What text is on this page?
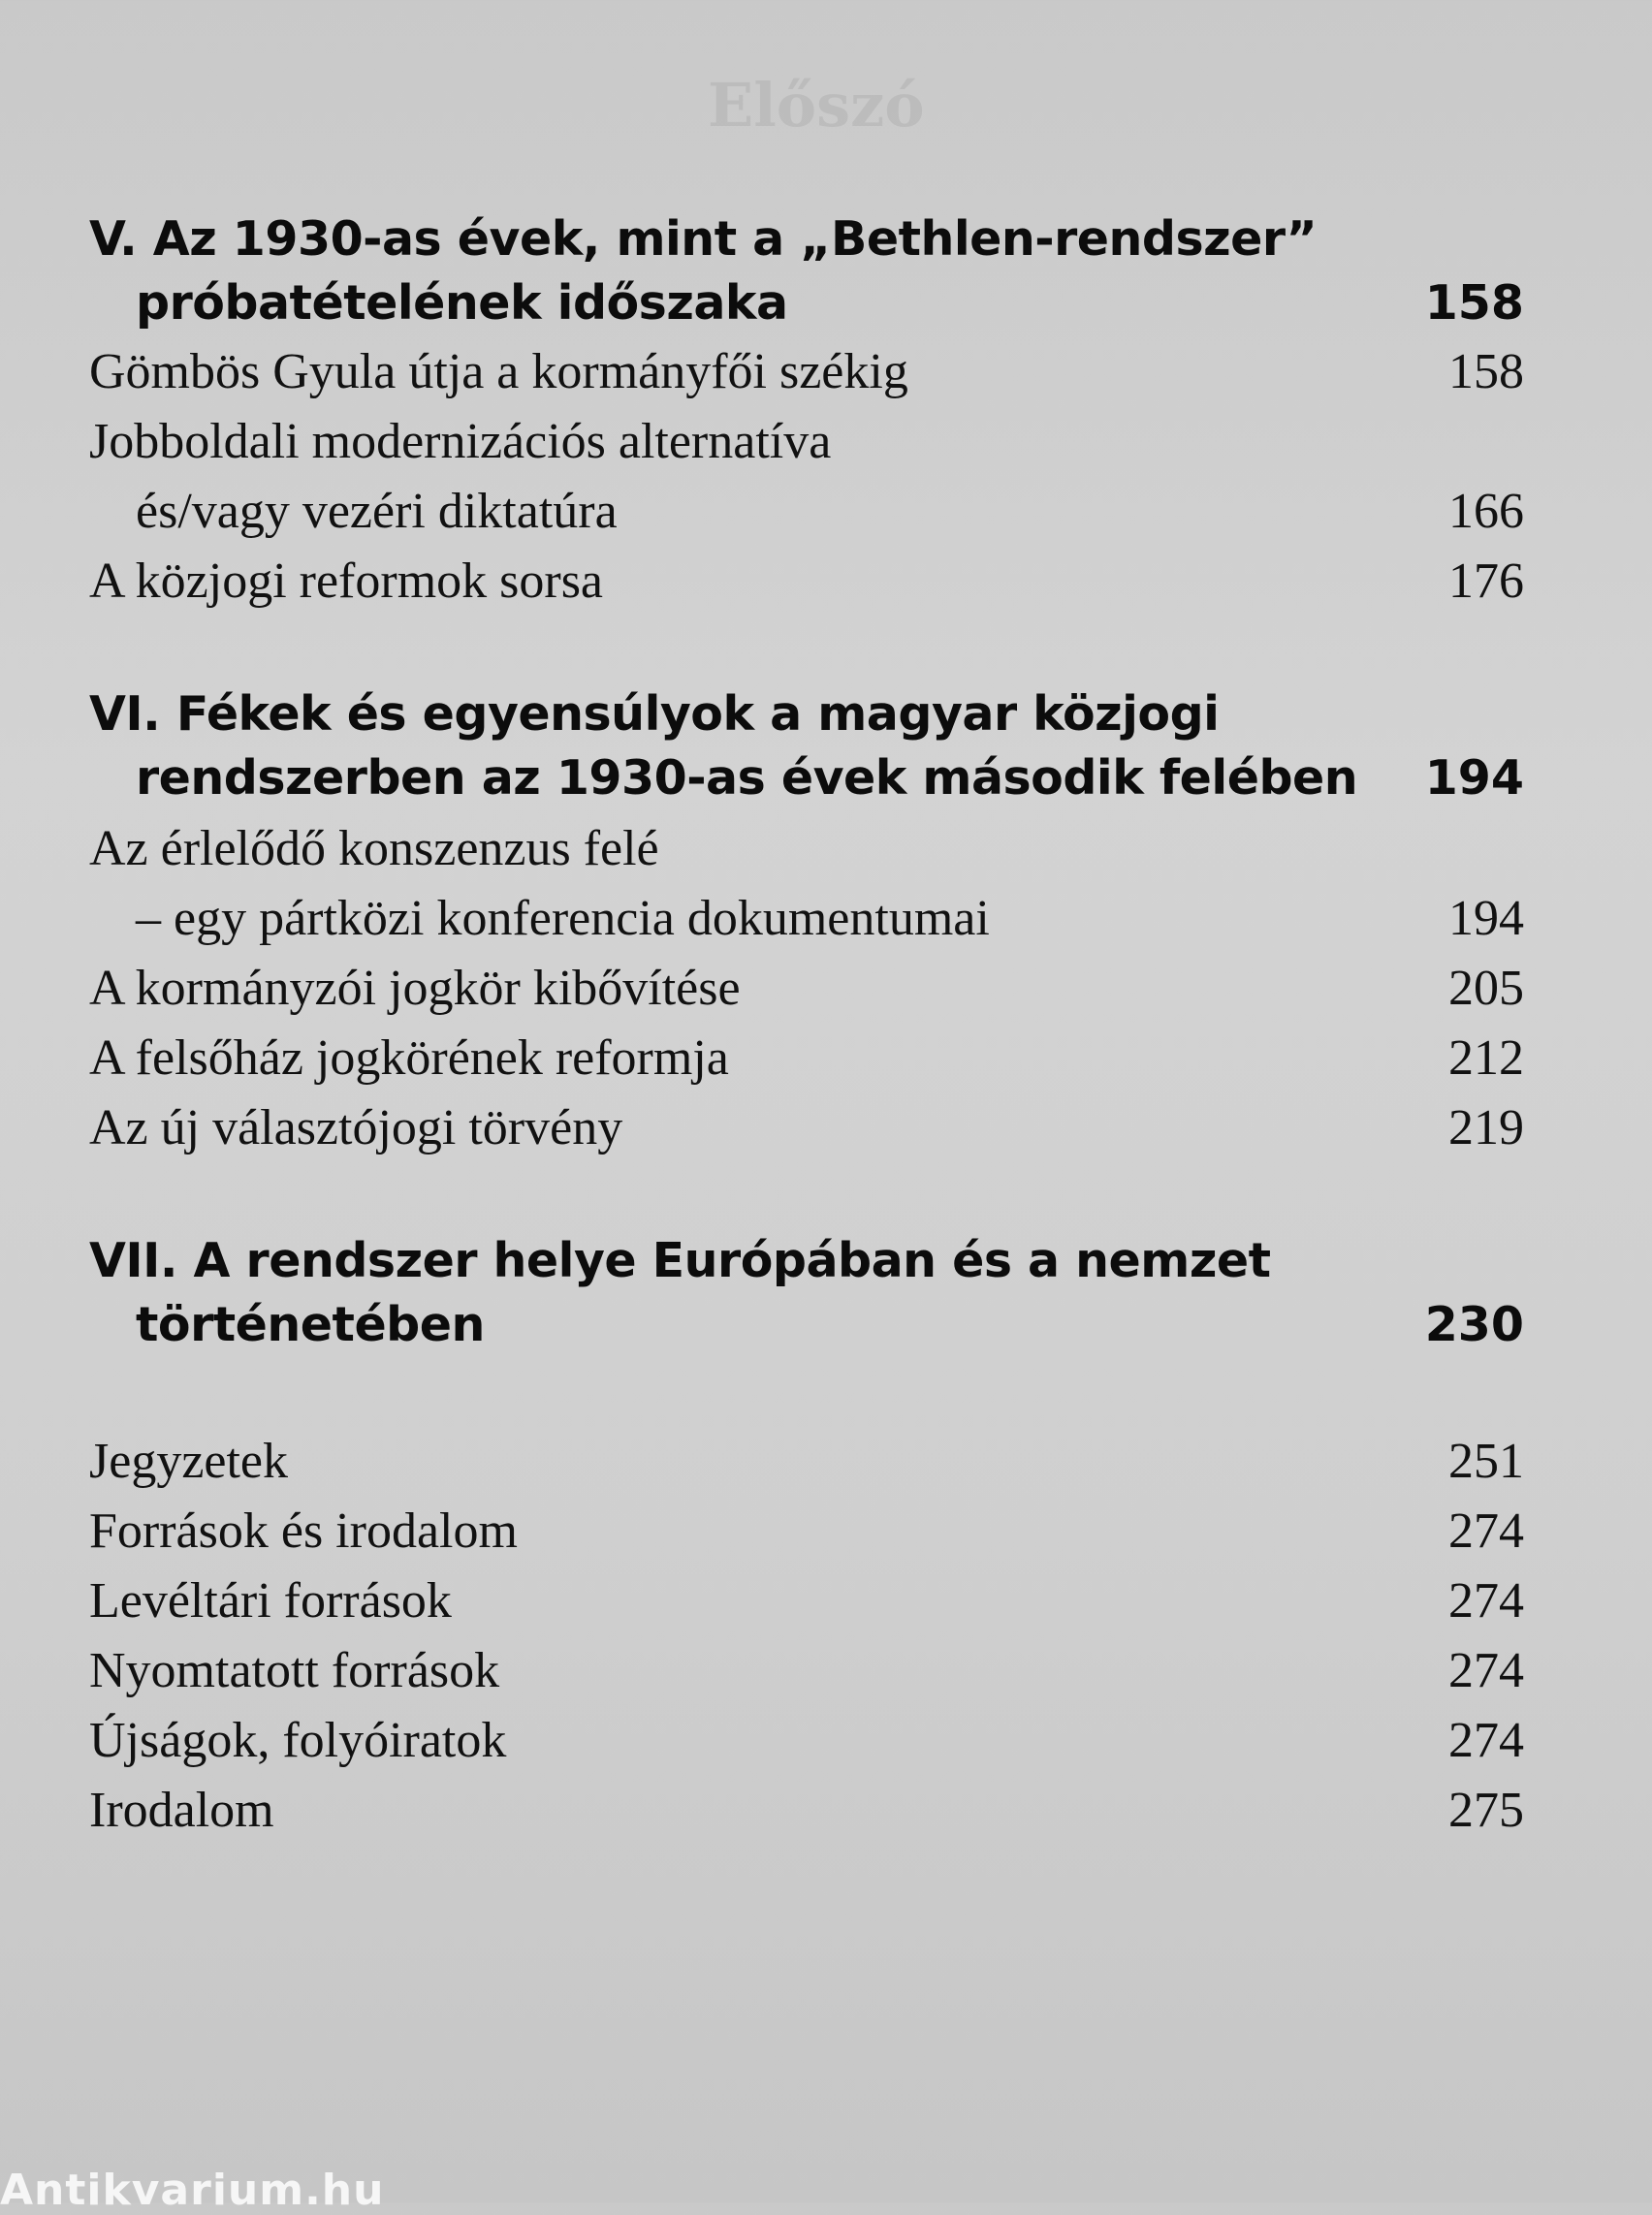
Előszó
V. Az 1930-as évek, mint a „Bethlen-rendszer”
próbatételének időszaka	158
Gömbös Gyula útja a kormányfői székig	158
Jobboldali modernizációs alternatíva
és/vagy vezéri diktatúra	166
A közjogi reformok sorsa	176
VI. Fékek és egyensúlyok a magyar közjogi
rendszerben az 1930-as évek második felében	194
Az érlelődő konszenzus felé
– egy pártközi konferencia dokumentumai	194
A kormányzói jogkör kibővítése	205
A felsőház jogkörének reformja	212
Az új választójogi törvény	219
VII. A rendszer helye Európában és a nemzet
történetében	230
Jegyzetek	251
Források és irodalom	274
Levéltári források	274
Nyomtatott források	274
Újságok, folyóiratok	274
Irodalom	275
Antikvarium.hu
